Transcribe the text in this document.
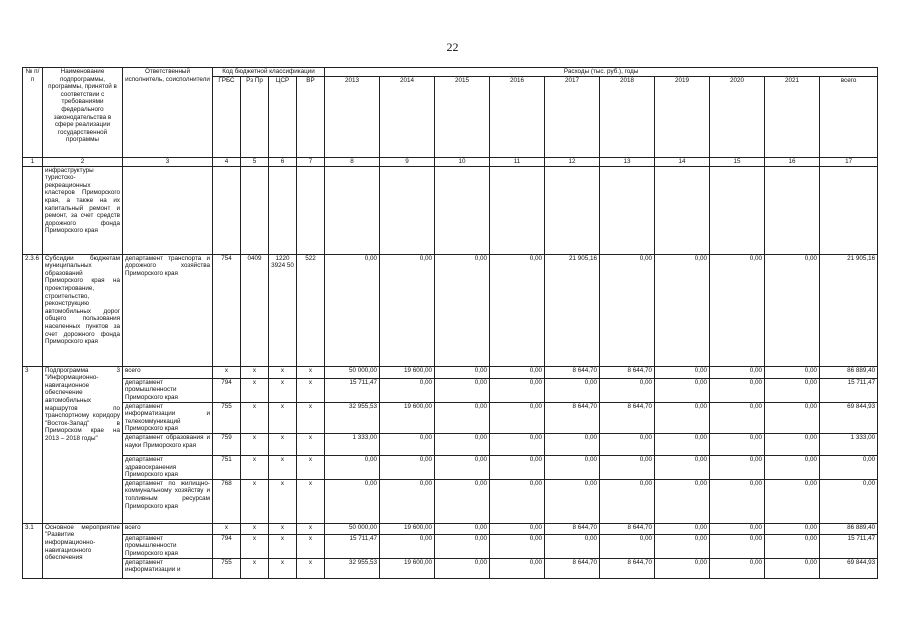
22
№ п/п	Наименование подпрограммы, программы, принятой в соответствии с требованиями федерального законодательства в сфере реализации государственной программы	Ответственный исполнитель, соисполнители	Код бюджетной классификации				Расходы (тыс. руб.), годы									
			ГРБС	Рз Пр	ЦСР	ВР	2013	2014	2015	2016	2017	2018	2019	2020	2021	всего
1	2	3	4	5	6	7	8	9	10	11	12	13	14	15	16	17
	инфраструктуры туристско-рекреационных кластеров Приморского края, а также на их капитальный ремонт и ремонт, за счет средств дорожного фонда Приморского края															
2.3.6	Субсидии бюджетам муниципальных образований Приморского края на проектирование, строительство, реконструкцию автомобильных дорог общего пользования населенных пунктов за счет дорожного фонда Приморского края	департамент транспорта и дорожного хозяйства Приморского края	754	0409	1220 3924 50	522	0,00	0,00	0,00	0,00	21 905,16	0,00	0,00	0,00	0,00	21 905,16
3	Подпрограмма 3 "Информационно-навигационное обеспечение автомобильных маршрутов по транспортному коридору "Восток-Запад" в Приморском крае на 2013 – 2018 годы"	всего	x	x	x	x	50 000,00	19 600,00	0,00	0,00	8 644,70	8 644,70	0,00	0,00	0,00	86 889,40
		департамент промышленности Приморского края	794	x	x	x	15 711,47	0,00	0,00	0,00	0,00	0,00	0,00	0,00	0,00	15 711,47
		департамент информатизации и телекоммуникаций Приморского края	755	x	x	x	32 955,53	19 600,00	0,00	0,00	8 644,70	8 644,70	0,00	0,00	0,00	69 844,93
		департамент образования и науки Приморского края	759	x	x	x	1 333,00	0,00	0,00	0,00	0,00	0,00	0,00	0,00	0,00	1 333,00
		департамент здравоохранения Приморского края	751	x	x	x	0,00	0,00	0,00	0,00	0,00	0,00	0,00	0,00	0,00	0,00
		департамент по жилищно-коммунальному хозяйству и топливным ресурсам Приморского края	768	x	x	x	0,00	0,00	0,00	0,00	0,00	0,00	0,00	0,00	0,00	0,00
3.1	Основное мероприятие "Развитие информационно-навигационного обеспечения	всего	x	x	x	x	50 000,00	19 600,00	0,00	0,00	8 644,70	8 644,70	0,00	0,00	0,00	86 889,40
		департамент промышленности Приморского края	794	x	x	x	15 711,47	0,00	0,00	0,00	0,00	0,00	0,00	0,00	0,00	15 711,47
		департамент информатизации и	755	x	x	x	32 955,53	19 600,00	0,00	0,00	8 644,70	8 644,70	0,00	0,00	0,00	69 844,93
